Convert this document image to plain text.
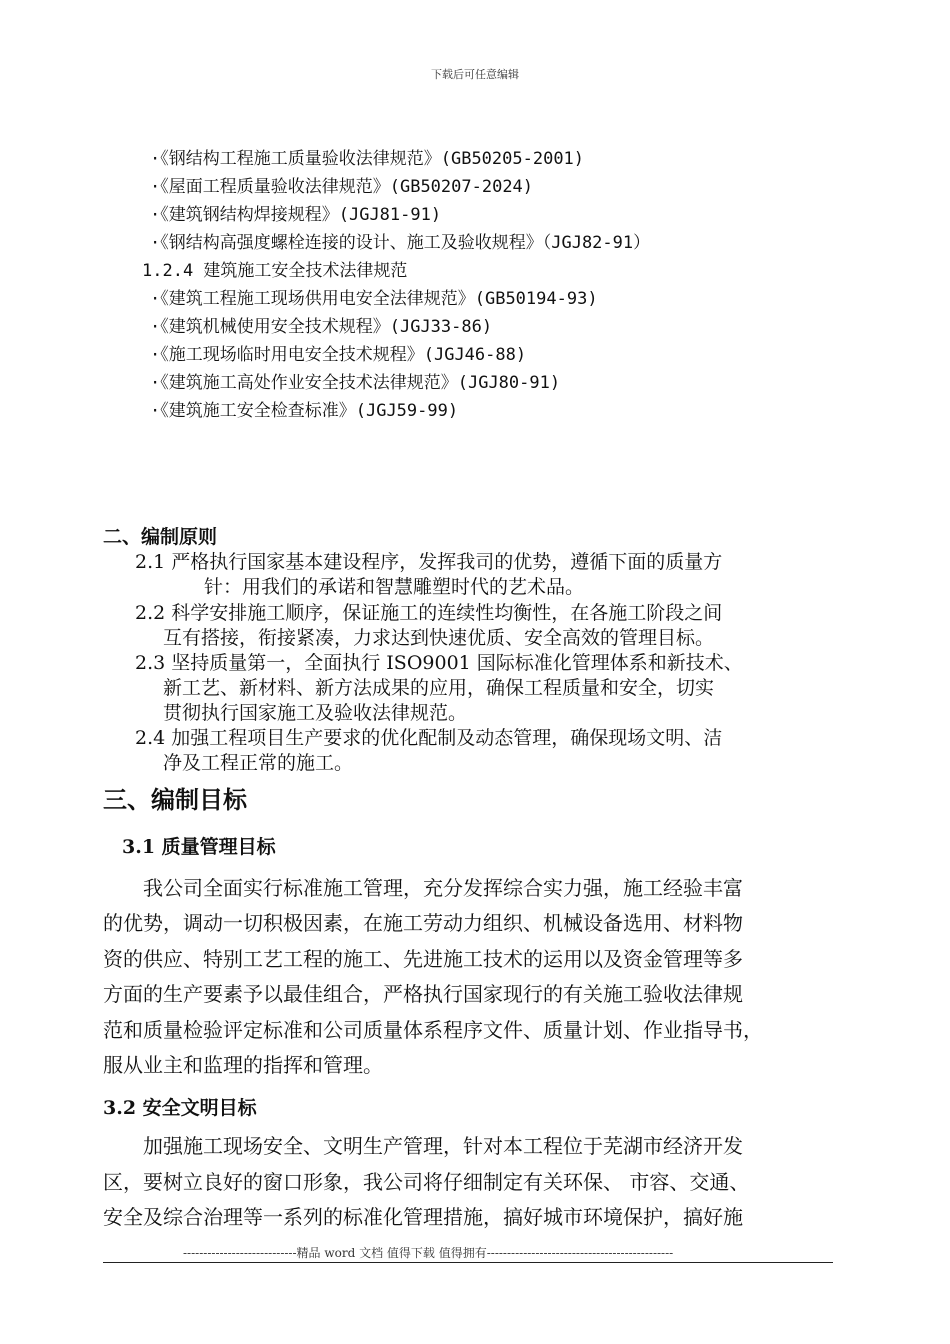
下载后可任意编辑
·《钢结构工程施工质量验收法律规范》(GB50205-2001)
·《屋面工程质量验收法律规范》(GB50207-2024)
·《建筑钢结构焊接规程》(JGJ81-91)
·《钢结构高强度螺栓连接的设计、施工及验收规程》（JGJ82-91）
1.2.4 建筑施工安全技术法律规范
·《建筑工程施工现场供用电安全法律规范》(GB50194-93)
·《建筑机械使用安全技术规程》(JGJ33-86)
·《施工现场临时用电安全技术规程》(JGJ46-88)
·《建筑施工高处作业安全技术法律规范》(JGJ80-91)
·《建筑施工安全检查标准》(JGJ59-99)
二、编制原则
2.1 严格执行国家基本建设程序，发挥我司的优势，遵循下面的质量方
针：用我们的承诺和智慧雕塑时代的艺术品。
2.2 科学安排施工顺序，保证施工的连续性均衡性，在各施工阶段之间
互有搭接，衔接紧凑，力求达到快速优质、安全高效的管理目标。
2.3 坚持质量第一，全面执行 ISO9001 国际标准化管理体系和新技术、
新工艺、新材料、新方法成果的应用，确保工程质量和安全，切实
贯彻执行国家施工及验收法律规范。
2.4 加强工程项目生产要求的优化配制及动态管理，确保现场文明、洁
净及工程正常的施工。
三、编制目标
3.1 质量管理目标
我公司全面实行标准施工管理，充分发挥综合实力强，施工经验丰富
的优势，调动一切积极因素，在施工劳动力组织、机械设备选用、材料物
资的供应、特别工艺工程的施工、先进施工技术的运用以及资金管理等多
方面的生产要素予以最佳组合，严格执行国家现行的有关施工验收法律规
范和质量检验评定标准和公司质量体系程序文件、质量计划、作业指导书，
服从业主和监理的指挥和管理。
3.2 安全文明目标
加强施工现场安全、文明生产管理，针对本工程位于芜湖市经济开发
区，要树立良好的窗口形象，我公司将仔细制定有关环保、 市容、交通、
安全及综合治理等一系列的标准化管理措施，搞好城市环境保护，搞好施
----------------------------精品 word 文档 值得下载 值得拥有----------------------------------------------
